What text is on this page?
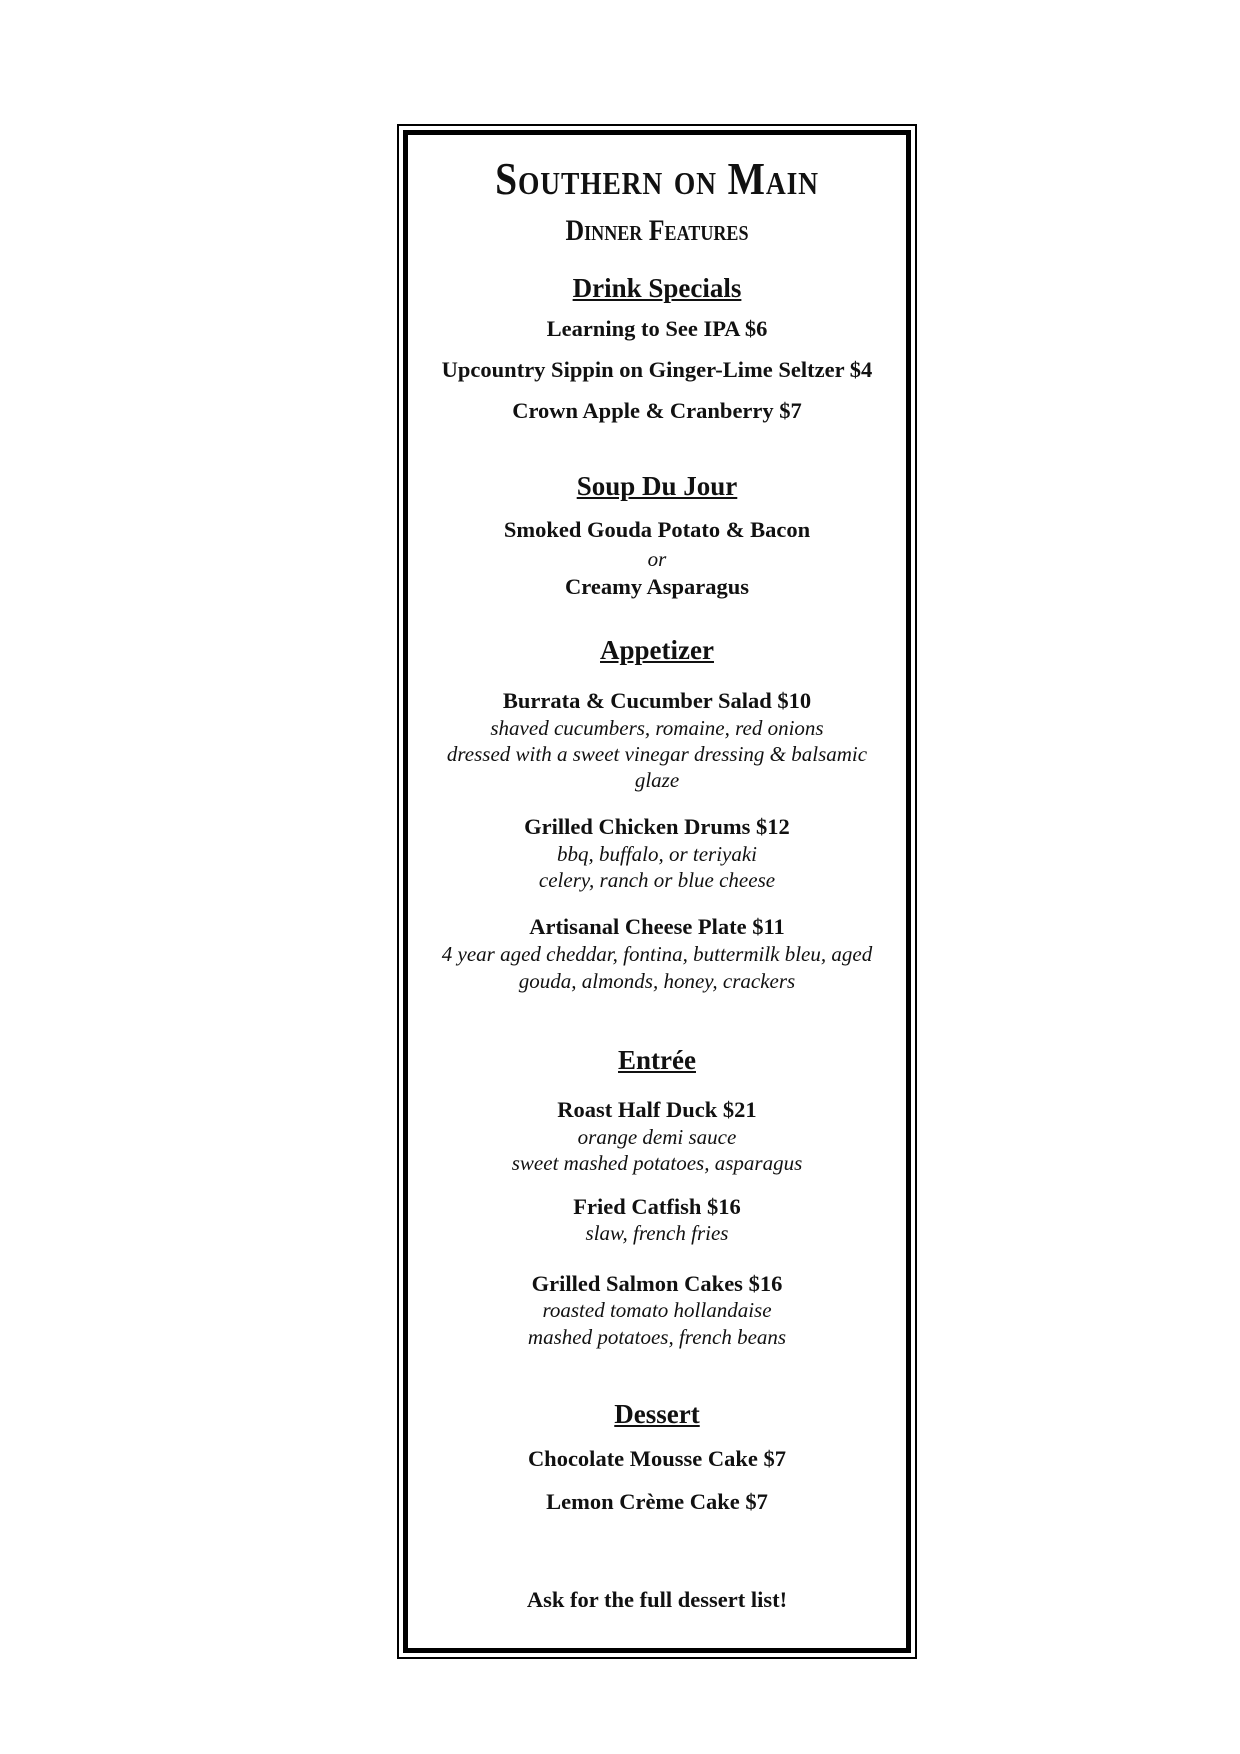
Southern on Main
Dinner Features
Drink Specials
Learning to See IPA $6
Upcountry Sippin on Ginger-Lime Seltzer $4
Crown Apple & Cranberry $7
Soup Du Jour
Smoked Gouda Potato & Bacon
or
Creamy Asparagus
Appetizer
Burrata & Cucumber Salad $10
shaved cucumbers, romaine, red onions
dressed with a sweet vinegar dressing & balsamic
glaze
Grilled Chicken Drums $12
bbq, buffalo, or teriyaki
celery, ranch or blue cheese
Artisanal Cheese Plate $11
4 year aged cheddar, fontina, buttermilk bleu, aged
gouda, almonds, honey, crackers
Entrée
Roast Half Duck $21
orange demi sauce
sweet mashed potatoes, asparagus
Fried Catfish $16
slaw, french fries
Grilled Salmon Cakes $16
roasted tomato hollandaise
mashed potatoes, french beans
Dessert
Chocolate Mousse Cake $7
Lemon Crème Cake $7
Ask for the full dessert list!
